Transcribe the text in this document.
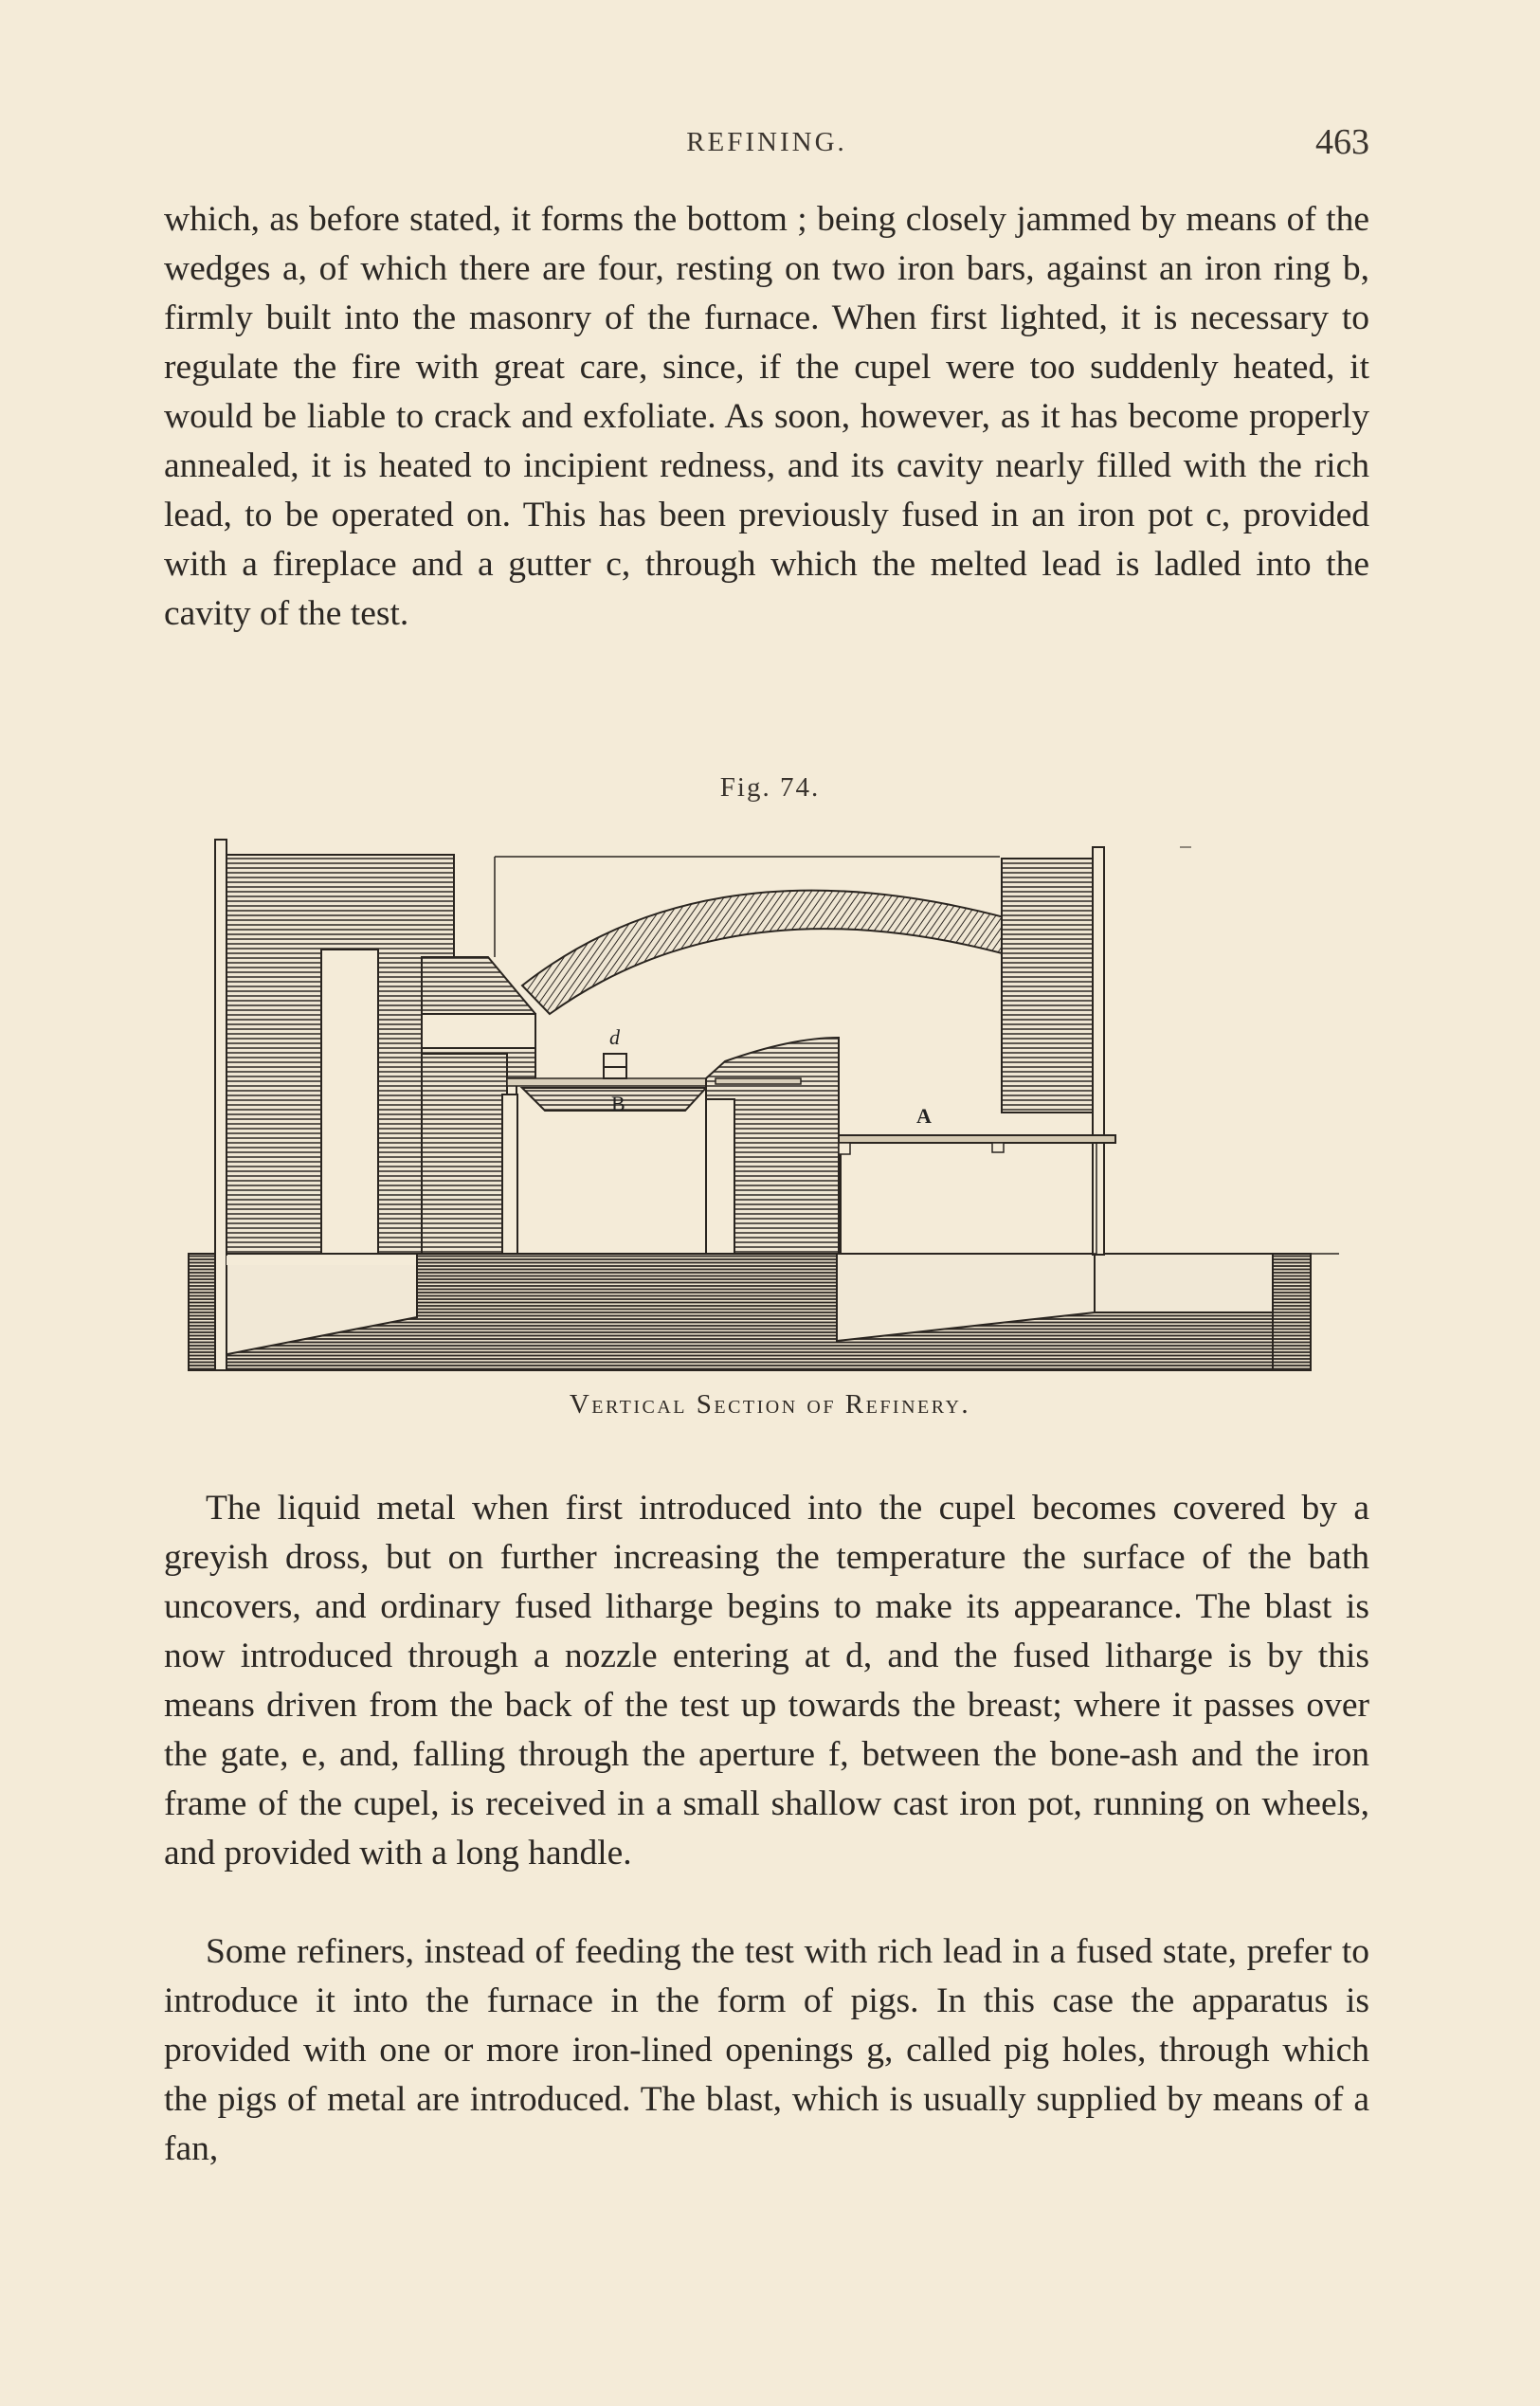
REFINING.	463

which, as before stated, it forms the bottom ; being closely jammed by means of the wedges a, of which there are four, resting on two iron bars, against an iron ring b, firmly built into the masonry of the furnace. When first lighted, it is necessary to regulate the fire with great care, since, if the cupel were too suddenly heated, it would be liable to crack and exfoliate. As soon, however, as it has become properly annealed, it is heated to incipient redness, and its cavity nearly filled with the rich lead, to be operated on. This has been previously fused in an iron pot c, provided with a fireplace and a gutter c, through which the melted lead is ladled into the cavity of the test.

Fig. 74.
d
A
B
Vertical Section of Refinery.

The liquid metal when first introduced into the cupel becomes covered by a greyish dross, but on further increasing the temperature the surface of the bath uncovers, and ordinary fused litharge begins to make its appearance. The blast is now introduced through a nozzle entering at d, and the fused litharge is by this means driven from the back of the test up towards the breast; where it passes over the gate, e, and, falling through the aperture f, between the bone-ash and the iron frame of the cupel, is received in a small shallow cast iron pot, running on wheels, and provided with a long handle.

Some refiners, instead of feeding the test with rich lead in a fused state, prefer to introduce it into the furnace in the form of pigs. In this case the apparatus is provided with one or more iron-lined openings g, called pig holes, through which the pigs of metal are introduced. The blast, which is usually supplied by means of a fan,
